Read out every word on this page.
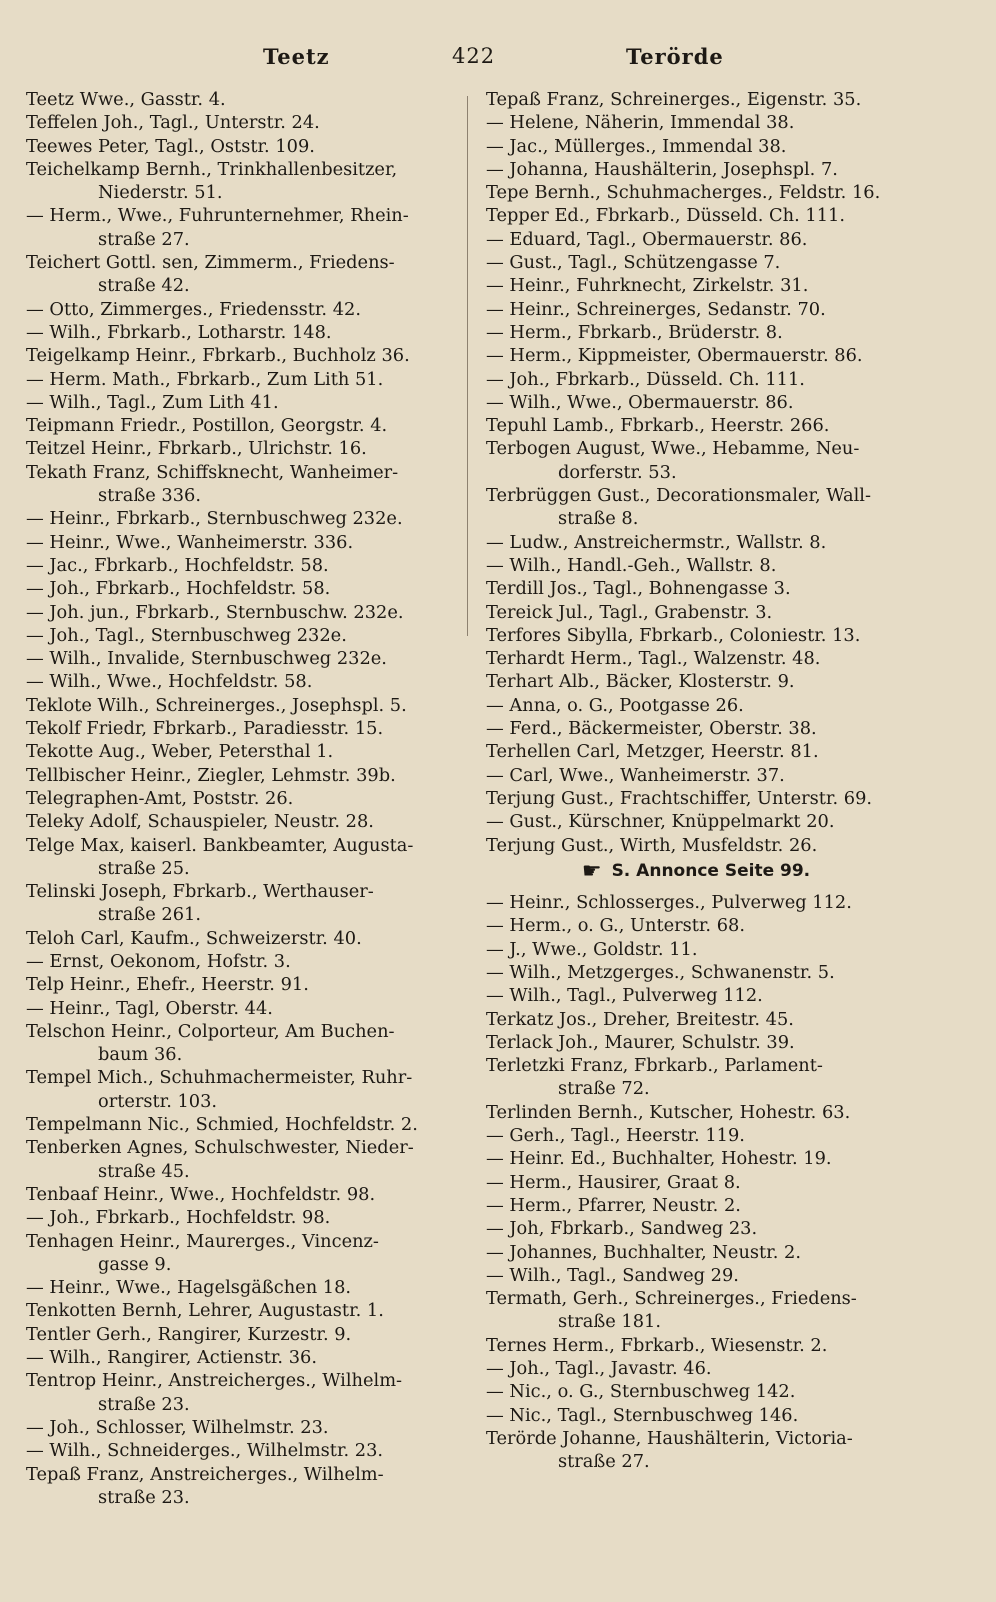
Teetz	422	Terörde
Teetz Wwe., Gasstr. 4.
Teffelen Joh., Tagl., Unterstr. 24.
Teewes Peter, Tagl., Oststr. 109.
Teichelkamp Bernh., Trinkhallenbesitzer,
Niederstr. 51.
— Herm., Wwe., Fuhrunternehmer, Rhein-
straße 27.
Teichert Gottl. sen, Zimmerm., Friedens-
straße 42.
— Otto, Zimmerges., Friedensstr. 42.
— Wilh., Fbrkarb., Lotharstr. 148.
Teigelkamp Heinr., Fbrkarb., Buchholz 36.
— Herm. Math., Fbrkarb., Zum Lith 51.
— Wilh., Tagl., Zum Lith 41.
Teipmann Friedr., Postillon, Georgstr. 4.
Teitzel Heinr., Fbrkarb., Ulrichstr. 16.
Tekath Franz, Schiffsknecht, Wanheimer-
straße 336.
— Heinr., Fbrkarb., Sternbuschweg 232e.
— Heinr., Wwe., Wanheimerstr. 336.
— Jac., Fbrkarb., Hochfeldstr. 58.
— Joh., Fbrkarb., Hochfeldstr. 58.
— Joh. jun., Fbrkarb., Sternbuschw. 232e.
— Joh., Tagl., Sternbuschweg 232e.
— Wilh., Invalide, Sternbuschweg 232e.
— Wilh., Wwe., Hochfeldstr. 58.
Teklote Wilh., Schreinerges., Josephspl. 5.
Tekolf Friedr, Fbrkarb., Paradiesstr. 15.
Tekotte Aug., Weber, Petersthal 1.
Tellbischer Heinr., Ziegler, Lehmstr. 39b.
Telegraphen-Amt, Poststr. 26.
Teleky Adolf, Schauspieler, Neustr. 28.
Telge Max, kaiserl. Bankbeamter, Augusta-
straße 25.
Telinski Joseph, Fbrkarb., Werthauser-
straße 261.
Teloh Carl, Kaufm., Schweizerstr. 40.
— Ernst, Oekonom, Hofstr. 3.
Telp Heinr., Ehefr., Heerstr. 91.
— Heinr., Tagl, Oberstr. 44.
Telschon Heinr., Colporteur, Am Buchen-
baum 36.
Tempel Mich., Schuhmachermeister, Ruhr-
orterstr. 103.
Tempelmann Nic., Schmied, Hochfeldstr. 2.
Tenberken Agnes, Schulschwester, Nieder-
straße 45.
Tenbaaf Heinr., Wwe., Hochfeldstr. 98.
— Joh., Fbrkarb., Hochfeldstr. 98.
Tenhagen Heinr., Maurerges., Vincenz-
gasse 9.
— Heinr., Wwe., Hagelsgäßchen 18.
Tenkotten Bernh, Lehrer, Augustastr. 1.
Tentler Gerh., Rangirer, Kurzestr. 9.
— Wilh., Rangirer, Actienstr. 36.
Tentrop Heinr., Anstreicherges., Wilhelm-
straße 23.
— Joh., Schlosser, Wilhelmstr. 23.
— Wilh., Schneiderges., Wilhelmstr. 23.
Tepaß Franz, Anstreicherges., Wilhelm-
straße 23.
Tepaß Franz, Schreinerges., Eigenstr. 35.
— Helene, Näherin, Immendal 38.
— Jac., Müllerges., Immendal 38.
— Johanna, Haushälterin, Josephspl. 7.
Tepe Bernh., Schuhmacherges., Feldstr. 16.
Tepper Ed., Fbrkarb., Düsseld. Ch. 111.
— Eduard, Tagl., Obermauerstr. 86.
— Gust., Tagl., Schützengasse 7.
— Heinr., Fuhrknecht, Zirkelstr. 31.
— Heinr., Schreinerges, Sedanstr. 70.
— Herm., Fbrkarb., Brüderstr. 8.
— Herm., Kippmeister, Obermauerstr. 86.
— Joh., Fbrkarb., Düsseld. Ch. 111.
— Wilh., Wwe., Obermauerstr. 86.
Tepuhl Lamb., Fbrkarb., Heerstr. 266.
Terbogen August, Wwe., Hebamme, Neu-
dorferstr. 53.
Terbrüggen Gust., Decorationsmaler, Wall-
straße 8.
— Ludw., Anstreichermstr., Wallstr. 8.
— Wilh., Handl.-Geh., Wallstr. 8.
Terdill Jos., Tagl., Bohnengasse 3.
Tereick Jul., Tagl., Grabenstr. 3.
Terfores Sibylla, Fbrkarb., Coloniestr. 13.
Terhardt Herm., Tagl., Walzenstr. 48.
Terhart Alb., Bäcker, Klosterstr. 9.
— Anna, o. G., Pootgasse 26.
— Ferd., Bäckermeister, Oberstr. 38.
Terhellen Carl, Metzger, Heerstr. 81.
— Carl, Wwe., Wanheimerstr. 37.
Terjung Gust., Frachtschiffer, Unterstr. 69.
— Gust., Kürschner, Knüppelmarkt 20.
Terjung Gust., Wirth, Musfeldstr. 26.
☛ S. Annonce Seite 99.
— Heinr., Schlosserges., Pulverweg 112.
— Herm., o. G., Unterstr. 68.
— J., Wwe., Goldstr. 11.
— Wilh., Metzgerges., Schwanenstr. 5.
— Wilh., Tagl., Pulverweg 112.
Terkatz Jos., Dreher, Breitestr. 45.
Terlack Joh., Maurer, Schulstr. 39.
Terletzki Franz, Fbrkarb., Parlament-
straße 72.
Terlinden Bernh., Kutscher, Hohestr. 63.
— Gerh., Tagl., Heerstr. 119.
— Heinr. Ed., Buchhalter, Hohestr. 19.
— Herm., Hausirer, Graat 8.
— Herm., Pfarrer, Neustr. 2.
— Joh, Fbrkarb., Sandweg 23.
— Johannes, Buchhalter, Neustr. 2.
— Wilh., Tagl., Sandweg 29.
Termath, Gerh., Schreinerges., Friedens-
straße 181.
Ternes Herm., Fbrkarb., Wiesenstr. 2.
— Joh., Tagl., Javastr. 46.
— Nic., o. G., Sternbuschweg 142.
— Nic., Tagl., Sternbuschweg 146.
Terörde Johanne, Haushälterin, Victoria-
straße 27.
